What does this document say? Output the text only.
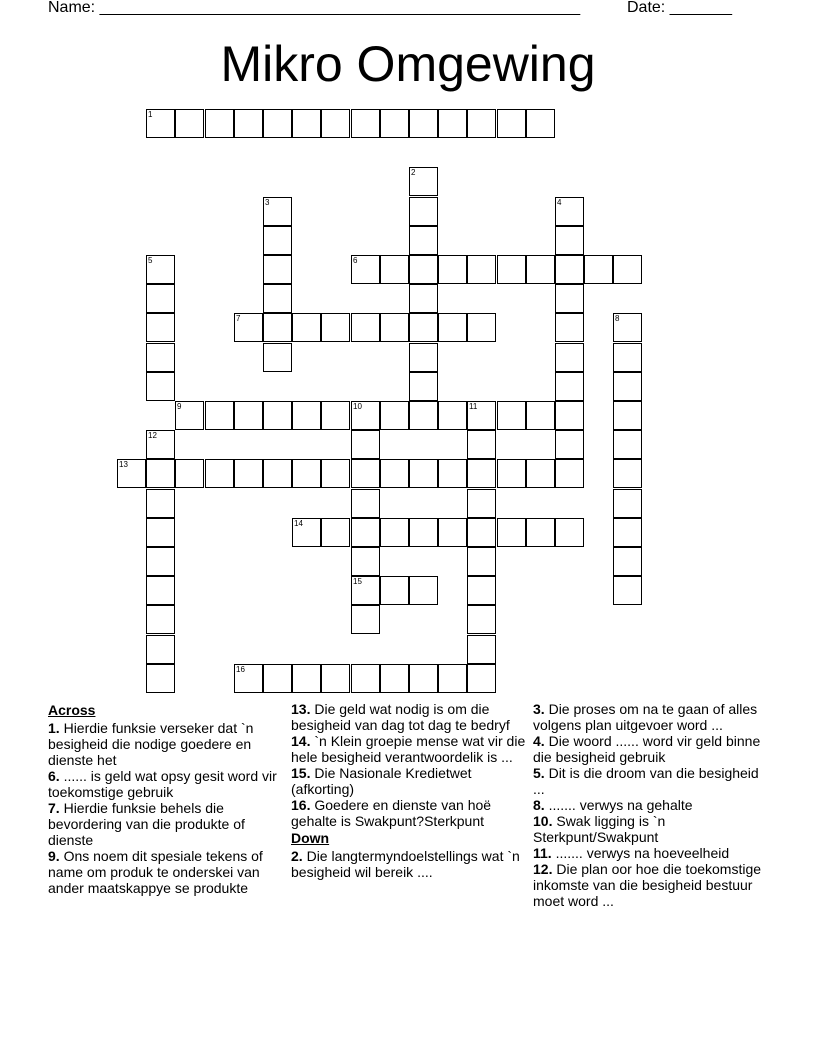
Name: ______________________________________________________	Date: _______
Mikro Omgewing
1
6
7
9	10	11
13
14
15
16
2
3	4
5
8
12
Across

1. Hierdie funksie verseker dat `n besigheid die nodige goedere en dienste het

6. ...... is geld wat opsy gesit word vir toekomstige gebruik

7. Hierdie funksie behels die bevordering van die produkte of dienste

9. Ons noem dit spesiale tekens of name om produk te onderskei van ander maatskappye se produkte

13. Die geld wat nodig is om die besigheid van dag tot dag te bedryf

14. `n Klein groepie mense wat vir die hele besigheid verantwoordelik is ...

15. Die Nasionale Kredietwet (afkorting)

16. Goedere en dienste van hoë gehalte is Swakpunt?Sterkpunt

Down

2. Die langtermyndoelstellings wat `n besigheid wil bereik ....

3. Die proses om na te gaan of alles volgens plan uitgevoer word ...

4. Die woord ...... word vir geld binne die besigheid gebruik

5. Dit is die droom van die besigheid ...

8. ....... verwys na gehalte

10. Swak ligging is `n Sterkpunt/Swakpunt

11. ....... verwys na hoeveelheid

12. Die plan oor hoe die toekomstige inkomste van die besigheid bestuur moet word ...
